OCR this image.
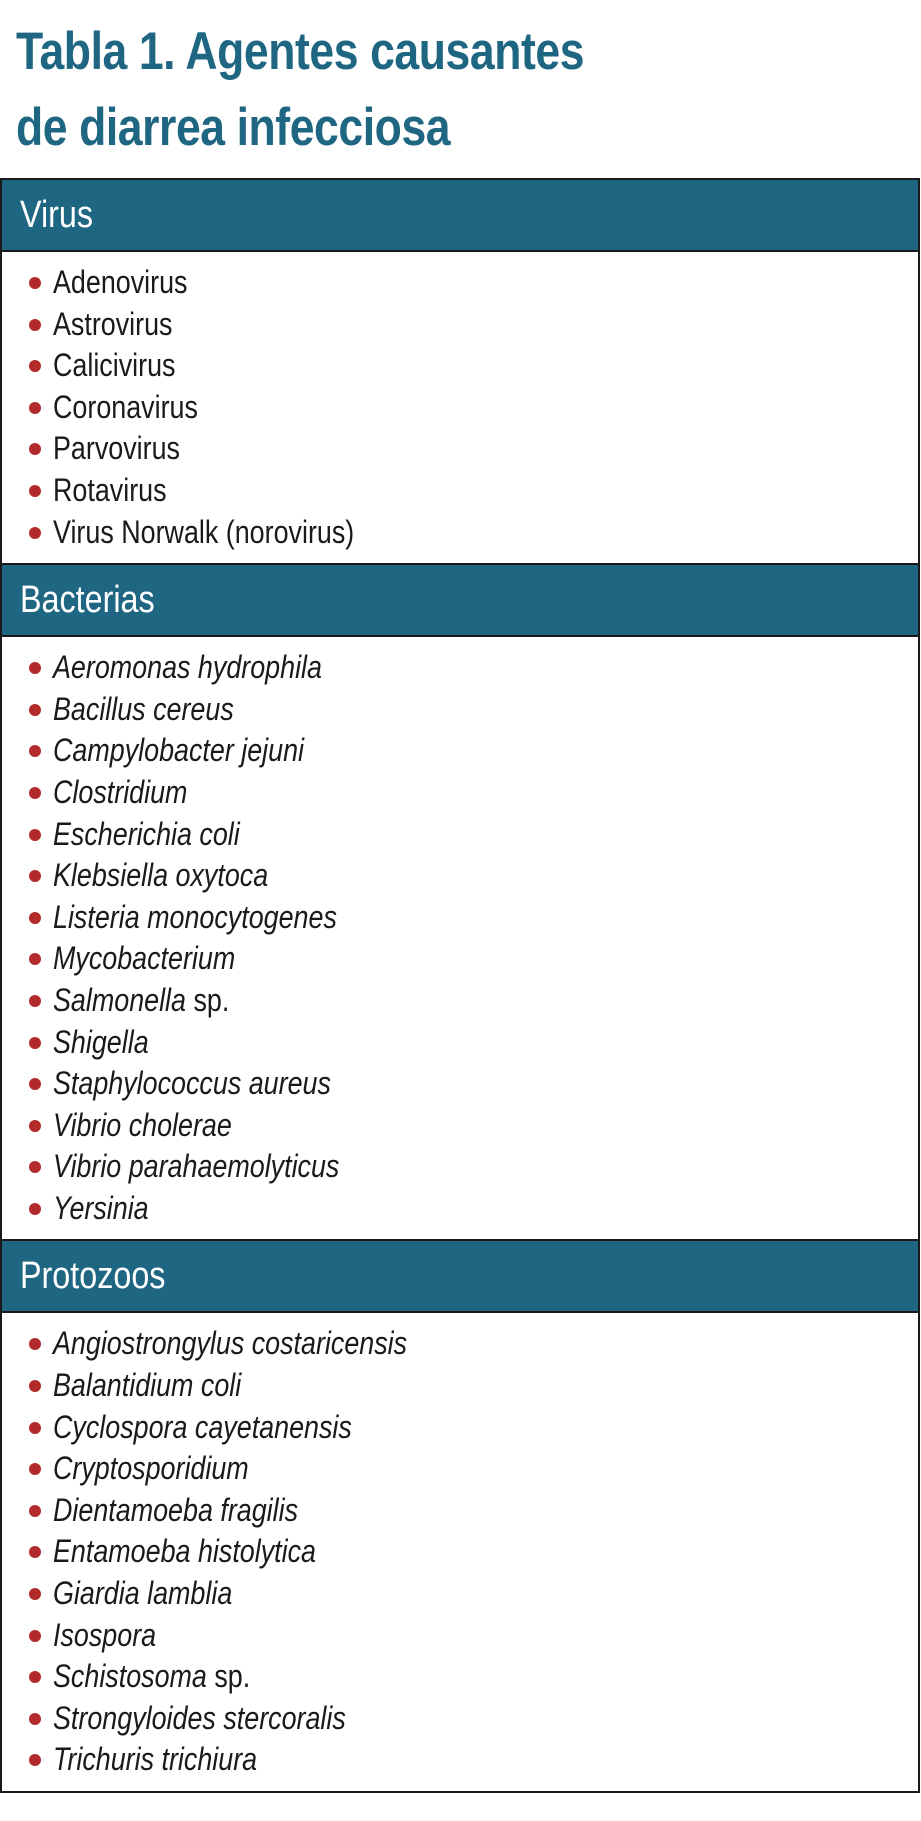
Tabla 1. Agentes causantes
de diarrea infecciosa
Virus
Adenovirus
Astrovirus
Calicivirus
Coronavirus
Parvovirus
Rotavirus
Virus Norwalk (norovirus)
Bacterias
Aeromonas hydrophila
Bacillus cereus
Campylobacter jejuni
Clostridium
Escherichia coli
Klebsiella oxytoca
Listeria monocytogenes
Mycobacterium
Salmonella sp.
Shigella
Staphylococcus aureus
Vibrio cholerae
Vibrio parahaemolyticus
Yersinia
Protozoos
Angiostrongylus costaricensis
Balantidium coli
Cyclospora cayetanensis
Cryptosporidium
Dientamoeba fragilis
Entamoeba histolytica
Giardia lamblia
Isospora
Schistosoma sp.
Strongyloides stercoralis
Trichuris trichiura
